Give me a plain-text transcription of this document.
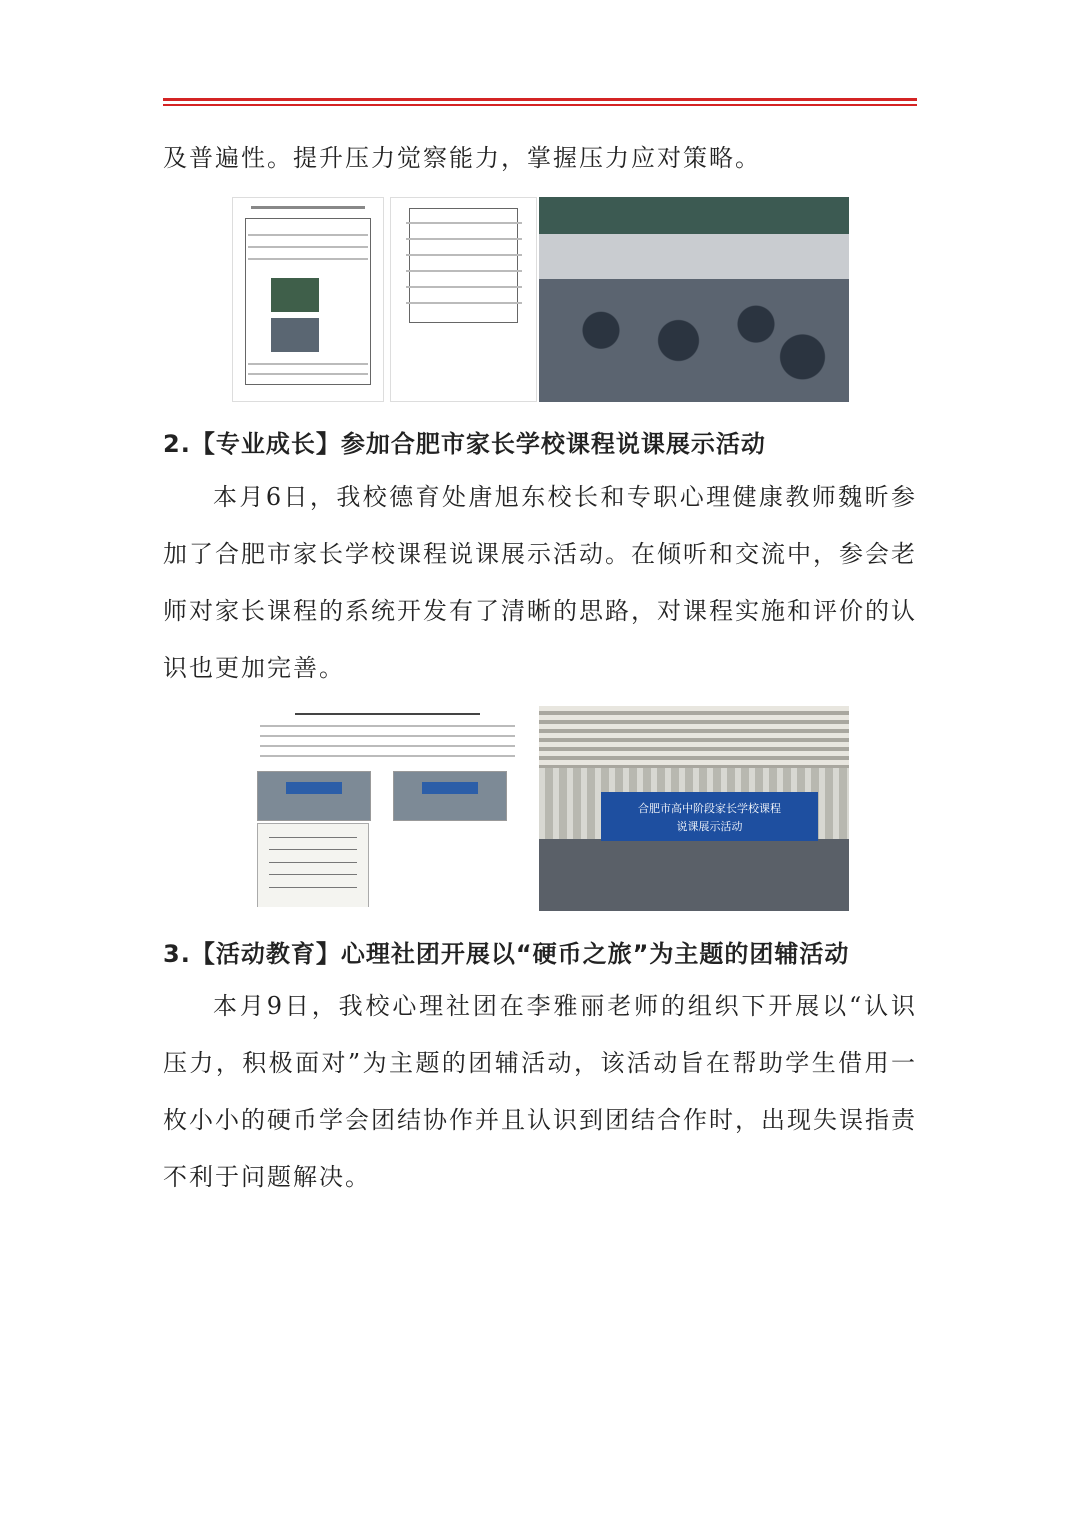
及普遍性。提升压力觉察能力，掌握压力应对策略。

2.【专业成长】参加合肥市家长学校课程说课展示活动

本月6日，我校德育处唐旭东校长和专职心理健康教师魏昕参加了合肥市家长学校课程说课展示活动。在倾听和交流中，参会老师对家长课程的系统开发有了清晰的思路，对课程实施和评价的认识也更加完善。

合肥市高中阶段家长学校课程
说课展示活动
3.【活动教育】心理社团开展以“硬币之旅”为主题的团辅活动

本月9日，我校心理社团在李雅丽老师的组织下开展以“认识压力，积极面对”为主题的团辅活动，该活动旨在帮助学生借用一枚小小的硬币学会团结协作并且认识到团结合作时，出现失误指责不利于问题解决。
